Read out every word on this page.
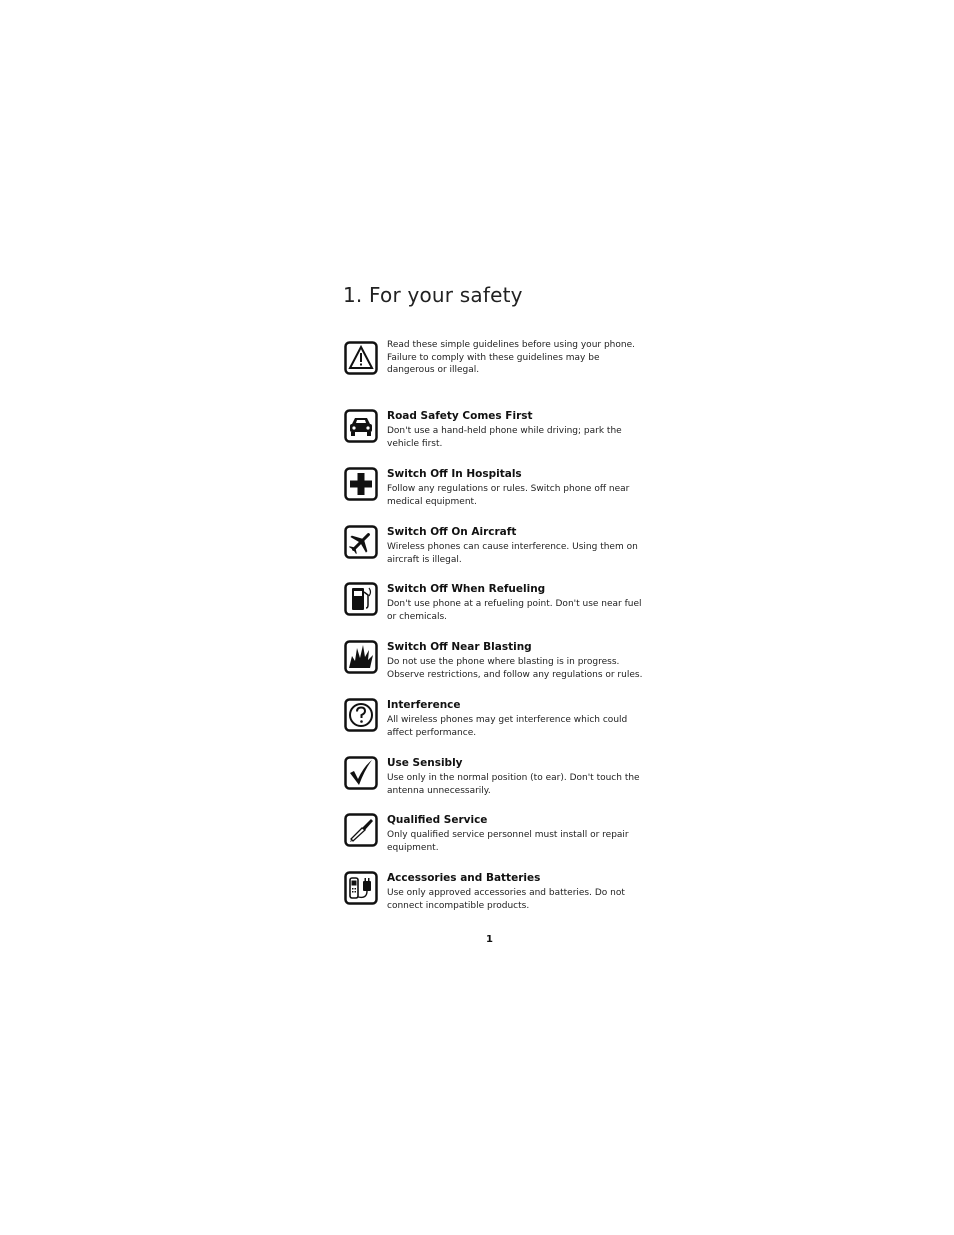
1. For your safety

Read these simple guidelines before using your phone. Failure to comply with these guidelines may be dangerous or illegal.

Road Safety Comes First

Don't use a hand-held phone while driving; park the vehicle first.

Switch Off In Hospitals

Follow any regulations or rules. Switch phone off near medical equipment.

Switch Off On Aircraft

Wireless phones can cause interference. Using them on aircraft is illegal.

Switch Off When Refueling

Don't use phone at a refueling point. Don't use near fuel or chemicals.

Switch Off Near Blasting

Do not use the phone where blasting is in progress. Observe restrictions, and follow any regulations or rules.

Interference

All wireless phones may get interference which could affect performance.

Use Sensibly

Use only in the normal position (to ear). Don't touch the antenna unnecessarily.

Qualified Service

Only qualified service personnel must install or repair equipment.

Accessories and Batteries

Use only approved accessories and batteries. Do not connect incompatible products.

1
